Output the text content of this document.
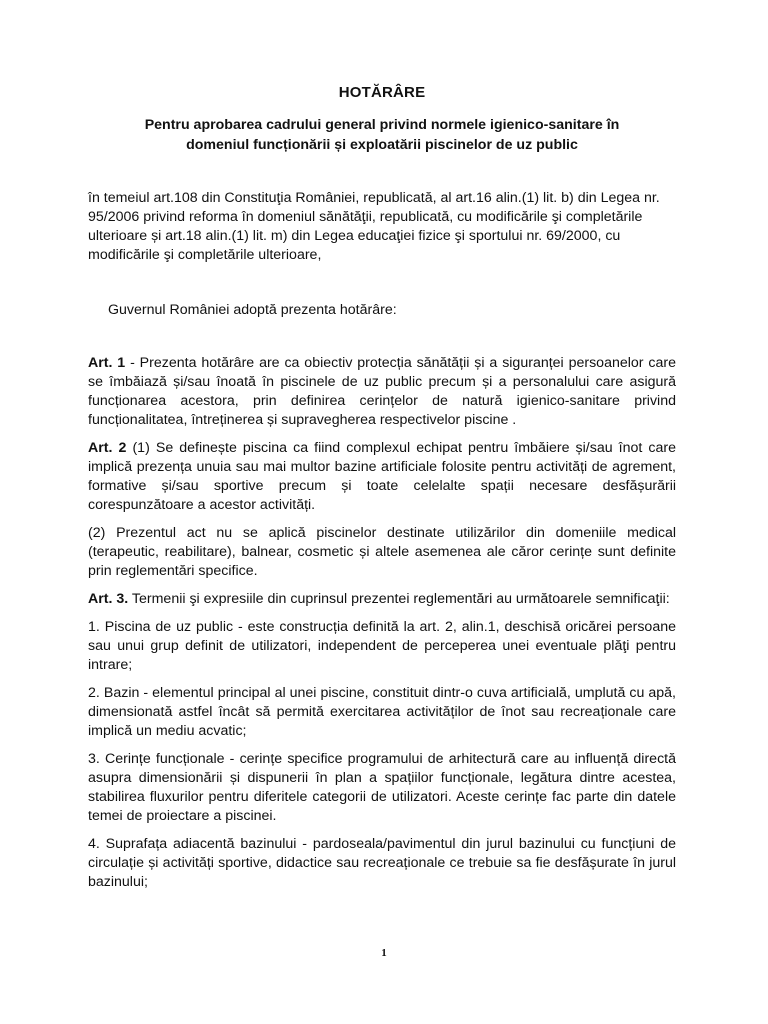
HOTĂRÂRE
Pentru aprobarea cadrului general privind normele igienico-sanitare în
domeniul funcționării și exploatării piscinelor de uz public
în temeiul art.108 din Constituţia României, republicată, al art.16 alin.(1) lit. b) din Legea nr. 95/2006 privind reforma în domeniul sănătăţii, republicată, cu modificările şi completările ulterioare și art.18 alin.(1) lit. m) din Legea educaţiei fizice şi sportului nr. 69/2000, cu modificările şi completările ulterioare,
Guvernul României adoptă prezenta hotărâre:
Art. 1 - Prezenta hotărâre are ca obiectiv protecția sănătății și a siguranței persoanelor care se îmbăiază și/sau înoată în piscinele de uz public precum și a personalului care asigură funcționarea acestora, prin definirea cerințelor de natură igienico-sanitare privind funcționalitatea, întreținerea și supravegherea respectivelor piscine .
Art. 2 (1) Se definește piscina ca fiind complexul echipat pentru îmbăiere și/sau înot care implică prezența unuia sau mai multor bazine artificiale folosite pentru activități de agrement, formative și/sau sportive precum și toate celelalte spații necesare desfășurării corespunzătoare a acestor activități.
(2) Prezentul act nu se aplică piscinelor destinate utilizărilor din domeniile medical (terapeutic, reabilitare), balnear, cosmetic și altele asemenea ale căror cerințe sunt definite prin reglementări specifice.
Art. 3. Termenii şi expresiile din cuprinsul prezentei reglementări au următoarele semnificaţii:
1. Piscina de uz public - este construcția definită la art. 2, alin.1, deschisă oricărei persoane sau unui grup definit de utilizatori, independent de perceperea unei eventuale plăţi pentru intrare;
2. Bazin - elementul principal al unei piscine, constituit dintr-o cuva artificială, umplută cu apă, dimensionată astfel încât să permită exercitarea activităților de înot sau recreaționale care implică un mediu acvatic;
3. Cerințe funcționale - cerințe specifice programului de arhitectură care au influență directă asupra dimensionării și dispunerii în plan a spațiilor funcționale, legătura dintre acestea, stabilirea fluxurilor pentru diferitele categorii de utilizatori. Aceste cerințe fac parte din datele temei de proiectare a piscinei.
4. Suprafața adiacentă bazinului - pardoseala/pavimentul din jurul bazinului cu funcțiuni de circulație și activități sportive, didactice sau recreaționale ce trebuie sa fie desfășurate în jurul bazinului;
1
